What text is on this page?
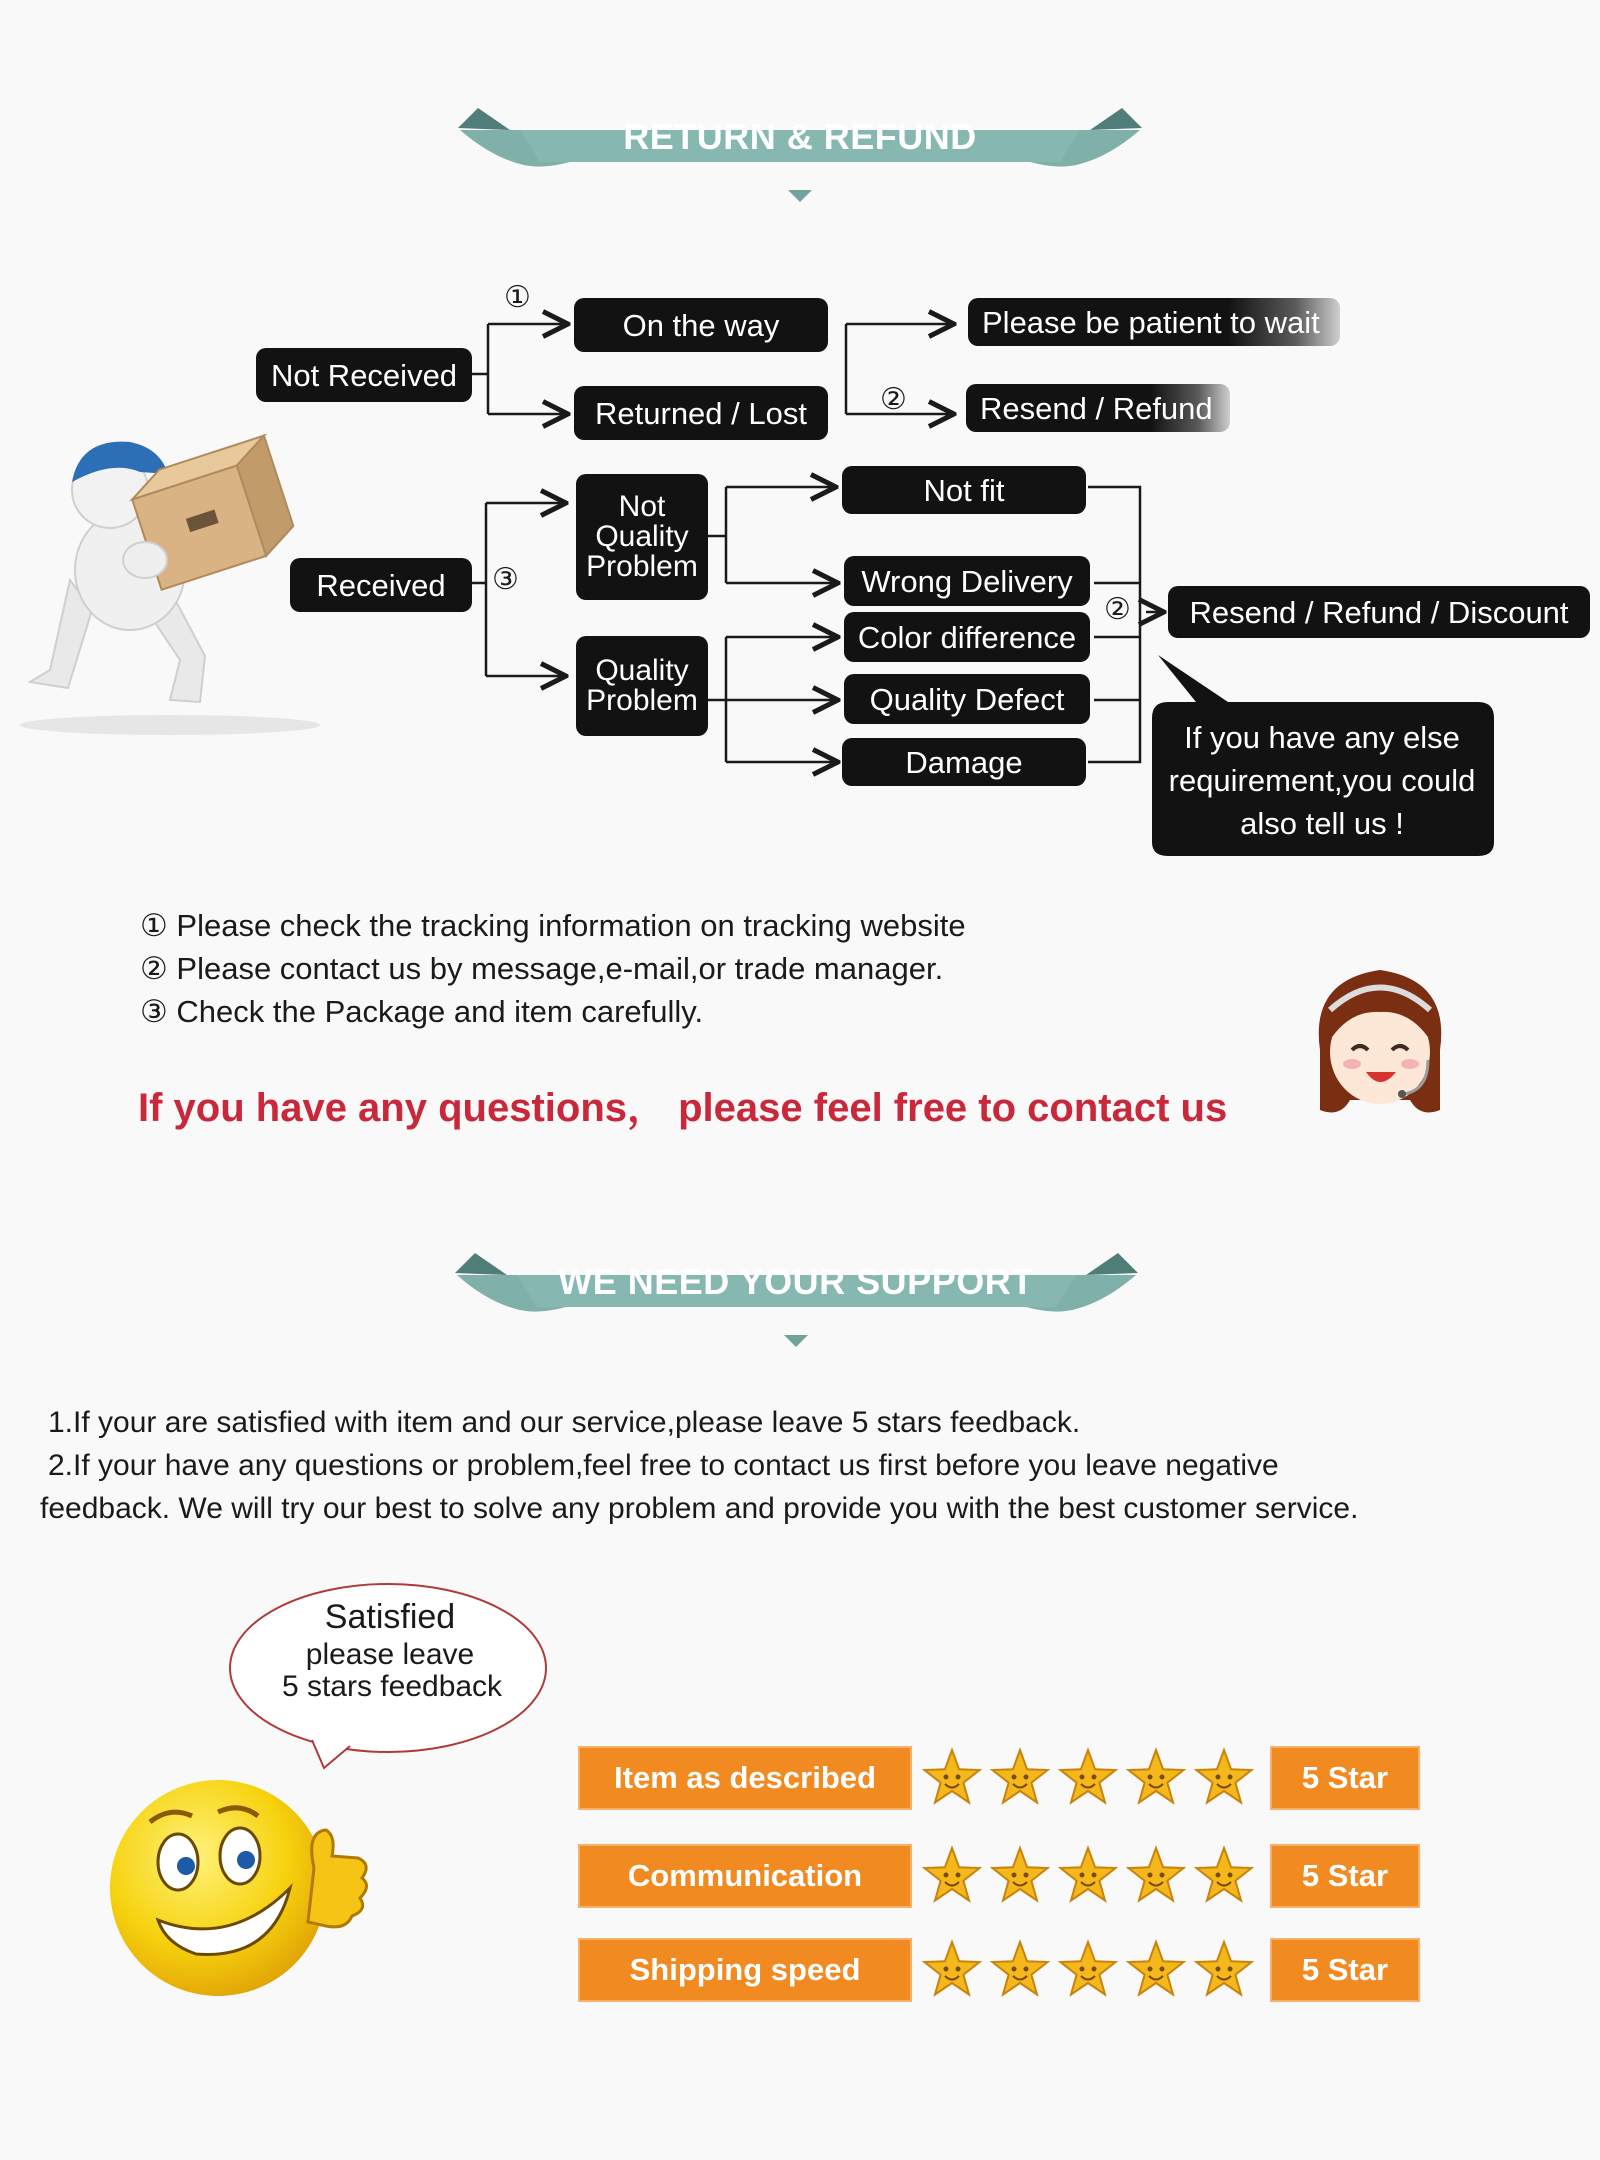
RETURN & REFUND
①
②
③
②
Not Received
Received
On the way
Returned / Lost
Please be patient to wait
Resend / Refund
Not
Quality
Problem
Quality
Problem
Not fit
Wrong Delivery
Color difference
Quality Defect
Damage
Resend / Refund / Discount
If you have any else
requirement,you could
also tell us !
① Please check the tracking information on tracking website
② Please contact us by message,e-mail,or trade manager.
③ Check the Package and item carefully.
If you have any questions， please feel free to contact us
WE NEED YOUR SUPPORT
1.If your are satisfied with item and our service,please leave 5 stars feedback.
2.If your have any questions or problem,feel free to contact us first before you leave negative
feedback. We will try our best to solve any problem and provide you with the best customer service.
Satisfied
please leave
5 stars feedback
Item as described	5 Star
Communication	5 Star
Shipping speed	5 Star
